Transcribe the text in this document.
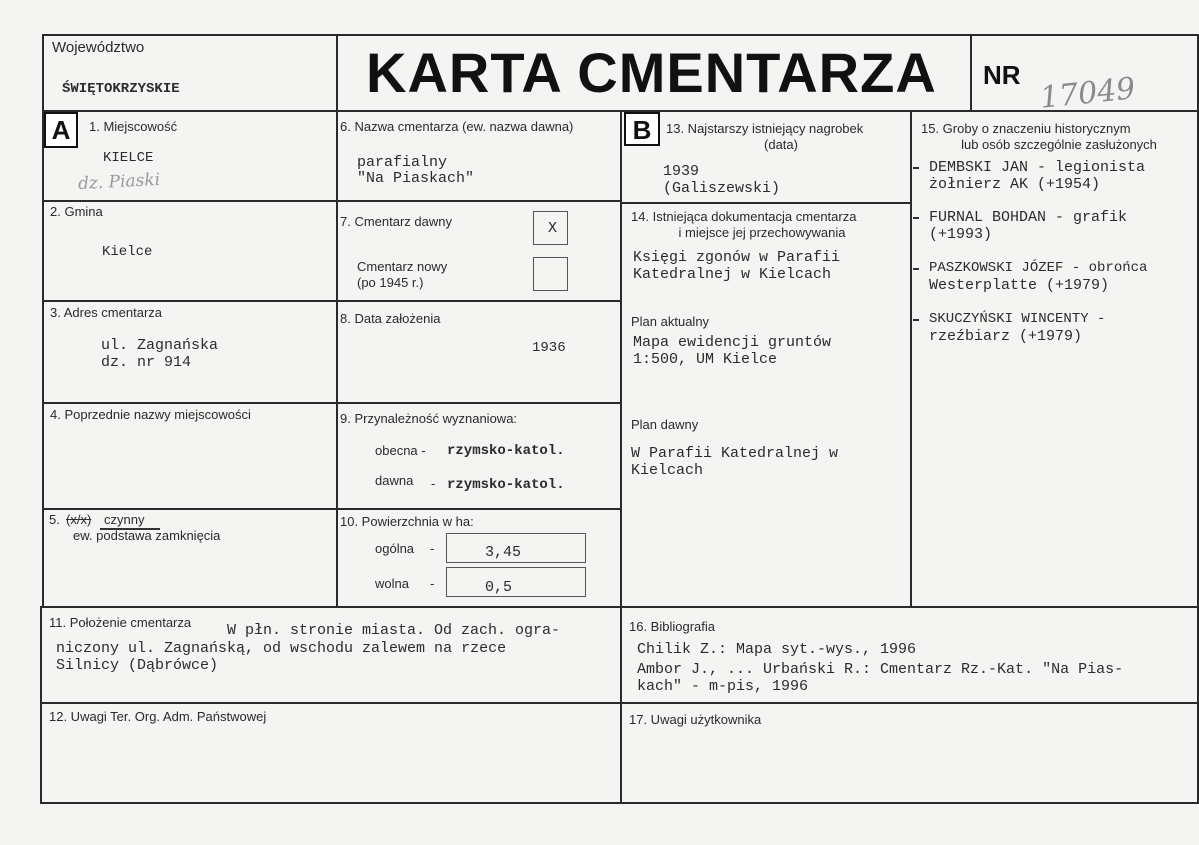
Województwo
ŚWIĘTOKRZYSKIE	KARTA CMENTARZA NR 17049
A	1. Miejscowość
KIELCE
dz. Piaski
2. Gmina
Kielce
3. Adres cmentarza
ul. Zagnańska
dz. nr 914
4. Poprzednie nazwy miejscowości
5. (x/x) czynny
ew. podstawa zamknięcia
6. Nazwa cmentarza (ew. nazwa dawna)
parafialny
"Na Piaskach"
7. Cmentarz dawny	X
Cmentarz nowy
(po 1945 r.)
8. Data założenia
1936
9. Przynależność wyznaniowa:
obecna - rzymsko-katol.
dawna - rzymsko-katol.
10. Powierzchnia w ha:
ogólna -	3,45
wolna -	0,5
B	13. Najstarszy istniejący nagrobek
(data)
1939
(Galiszewski)
14. Istniejąca dokumentacja cmentarza
i miejsce jej przechowywania
Księgi zgonów w Parafii
Katedralnej w Kielcach
Plan aktualny
Mapa ewidencji gruntów
1:500, UM Kielce
Plan dawny
W Parafii Katedralnej w
Kielcach
15. Groby o znaczeniu historycznym
lub osób szczególnie zasłużonych
DEMBSKI JAN - legionista
żołnierz AK (+1954)
FURNAL BOHDAN - grafik
(+1993)
PASZKOWSKI JÓZEF - obrońca
Westerplatte (+1979)
SKUCZYŃSKI WINCENTY -
rzeźbiarz (+1979)
11. Położenie cmentarza W płn. stronie miasta. Od zach. ogra-
niczony ul. Zagnańską, od wschodu zalewem na rzece
Silnicy (Dąbrówce)
16. Bibliografia
Chilik Z.: Mapa syt.-wys., 1996
Ambor J., ... Urbański R.: Cmentarz Rz.-Kat. "Na Pias-
kach" - m-pis, 1996
12. Uwagi Ter. Org. Adm. Państwowej	17. Uwagi użytkownika
